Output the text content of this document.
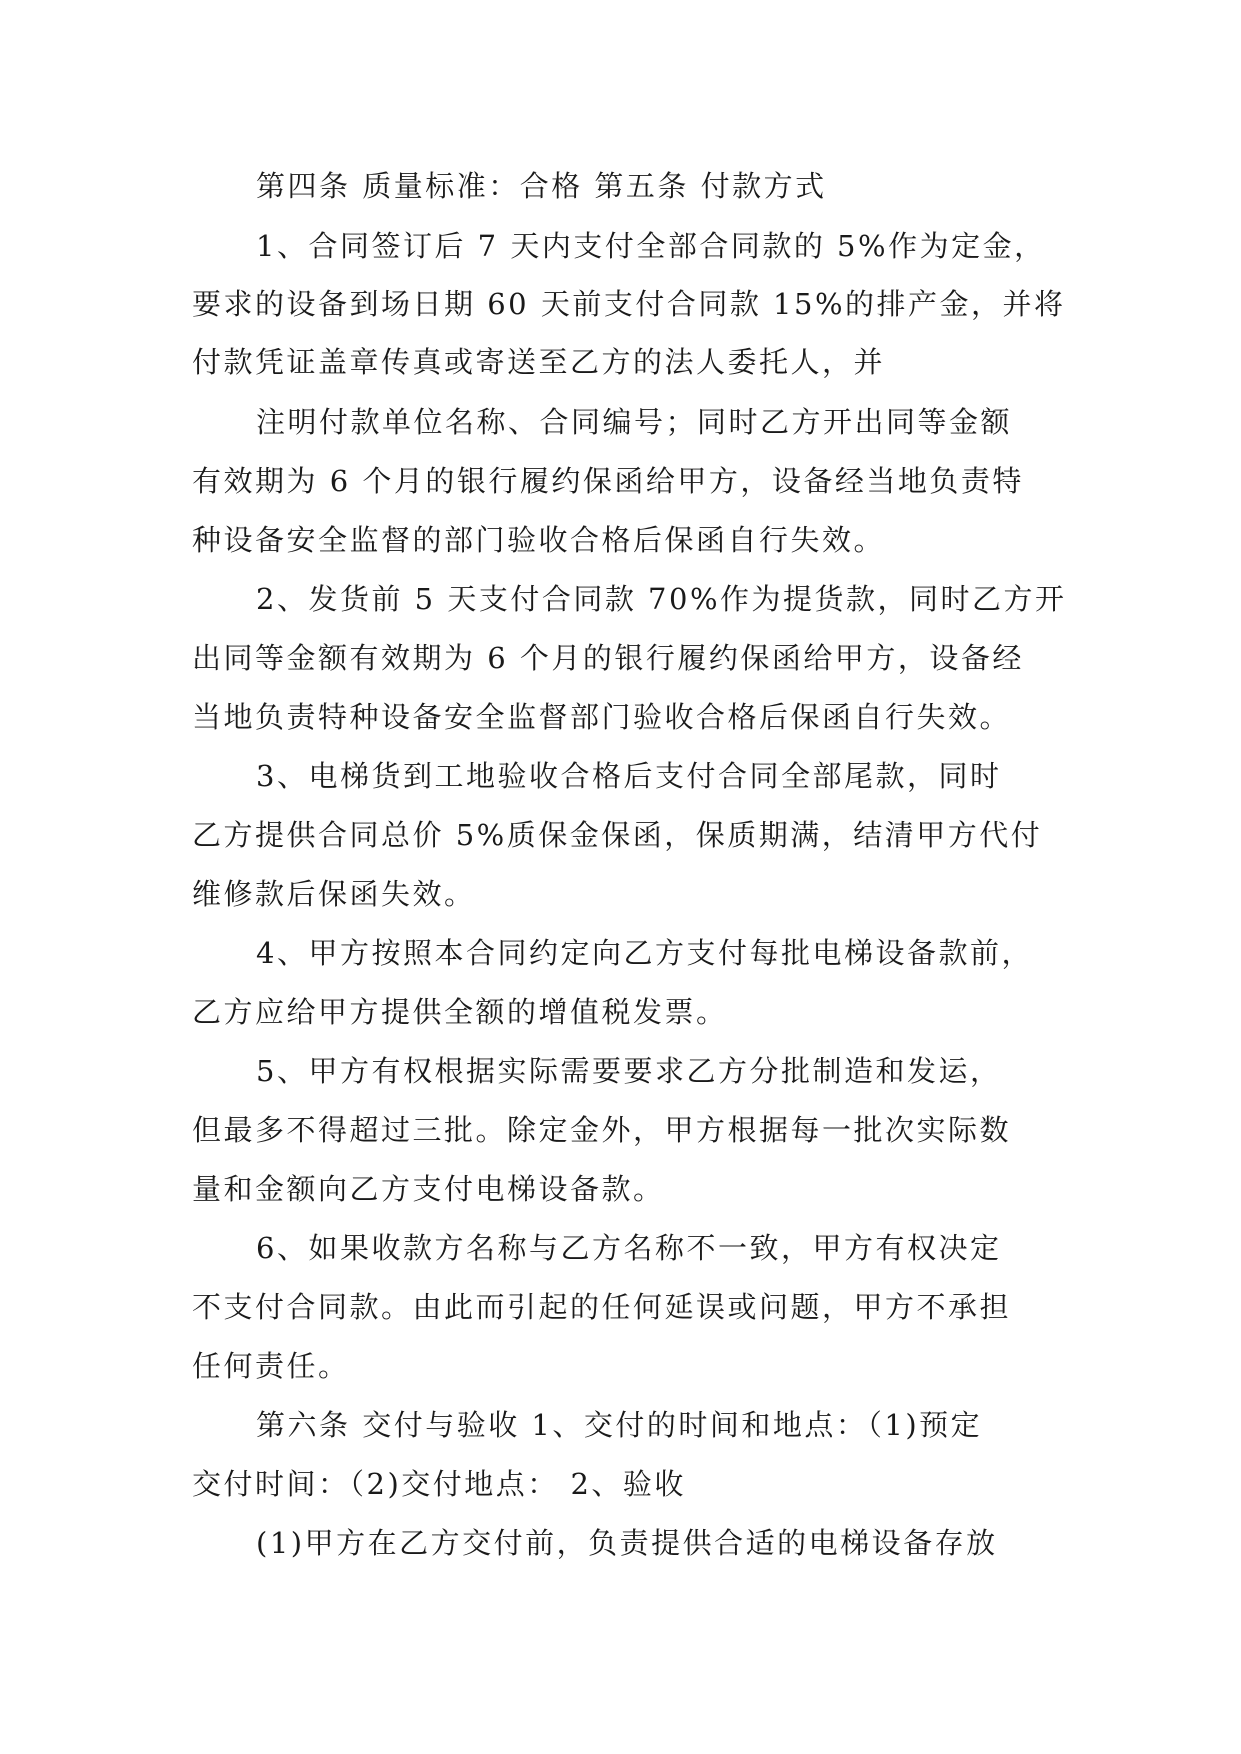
第四条 质量标准：合格 第五条 付款方式
1、合同签订后 7 天内支付全部合同款的 5%作为定金，
要求的设备到场日期 60 天前支付合同款 15%的排产金，并将
付款凭证盖章传真或寄送至乙方的法人委托人，并
注明付款单位名称、合同编号；同时乙方开出同等金额
有效期为 6 个月的银行履约保函给甲方，设备经当地负责特
种设备安全监督的部门验收合格后保函自行失效。
2、发货前 5 天支付合同款 70%作为提货款，同时乙方开
出同等金额有效期为 6 个月的银行履约保函给甲方，设备经
当地负责特种设备安全监督部门验收合格后保函自行失效。
3、电梯货到工地验收合格后支付合同全部尾款，同时
乙方提供合同总价 5%质保金保函，保质期满，结清甲方代付
维修款后保函失效。
4、甲方按照本合同约定向乙方支付每批电梯设备款前，
乙方应给甲方提供全额的增值税发票。
5、甲方有权根据实际需要要求乙方分批制造和发运，
但最多不得超过三批。除定金外，甲方根据每一批次实际数
量和金额向乙方支付电梯设备款。
6、如果收款方名称与乙方名称不一致，甲方有权决定
不支付合同款。由此而引起的任何延误或问题，甲方不承担
任何责任。
第六条 交付与验收 1、交付的时间和地点：（1)预定
交付时间：（2)交付地点： 2、验收
(1)甲方在乙方交付前，负责提供合适的电梯设备存放
